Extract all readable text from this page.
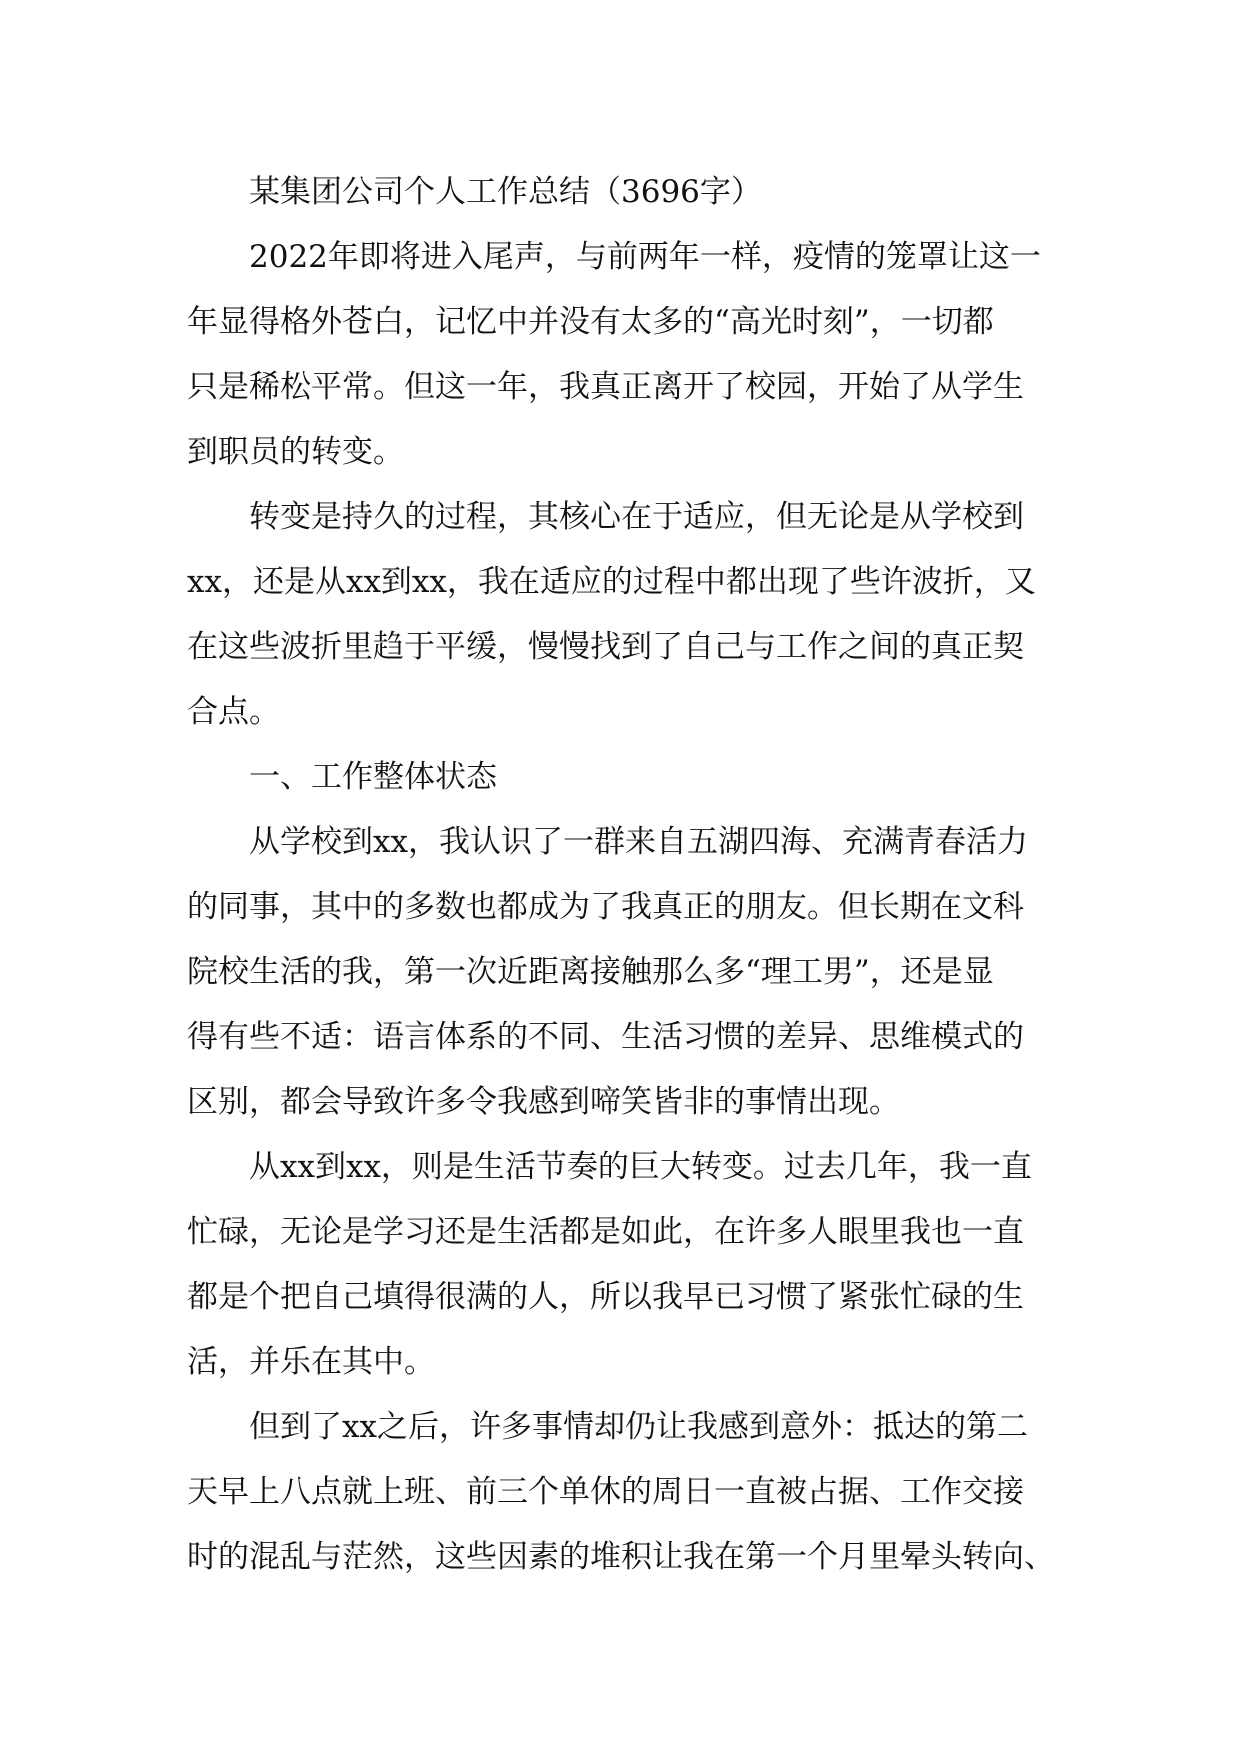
某集团公司个人工作总结（3696字）
2022年即将进入尾声，与前两年一样，疫情的笼罩让这一
年显得格外苍白，记忆中并没有太多的“高光时刻”，一切都
只是稀松平常。但这一年，我真正离开了校园，开始了从学生
到职员的转变。
转变是持久的过程，其核心在于适应，但无论是从学校到
xx，还是从xx到xx，我在适应的过程中都出现了些许波折，又
在这些波折里趋于平缓，慢慢找到了自己与工作之间的真正契
合点。
一、工作整体状态
从学校到xx，我认识了一群来自五湖四海、充满青春活力
的同事，其中的多数也都成为了我真正的朋友。但长期在文科
院校生活的我，第一次近距离接触那么多“理工男”，还是显
得有些不适：语言体系的不同、生活习惯的差异、思维模式的
区别，都会导致许多令我感到啼笑皆非的事情出现。
从xx到xx，则是生活节奏的巨大转变。过去几年，我一直
忙碌，无论是学习还是生活都是如此，在许多人眼里我也一直
都是个把自己填得很满的人，所以我早已习惯了紧张忙碌的生
活，并乐在其中。
但到了xx之后，许多事情却仍让我感到意外：抵达的第二
天早上八点就上班、前三个单休的周日一直被占据、工作交接
时的混乱与茫然，这些因素的堆积让我在第一个月里晕头转向、
